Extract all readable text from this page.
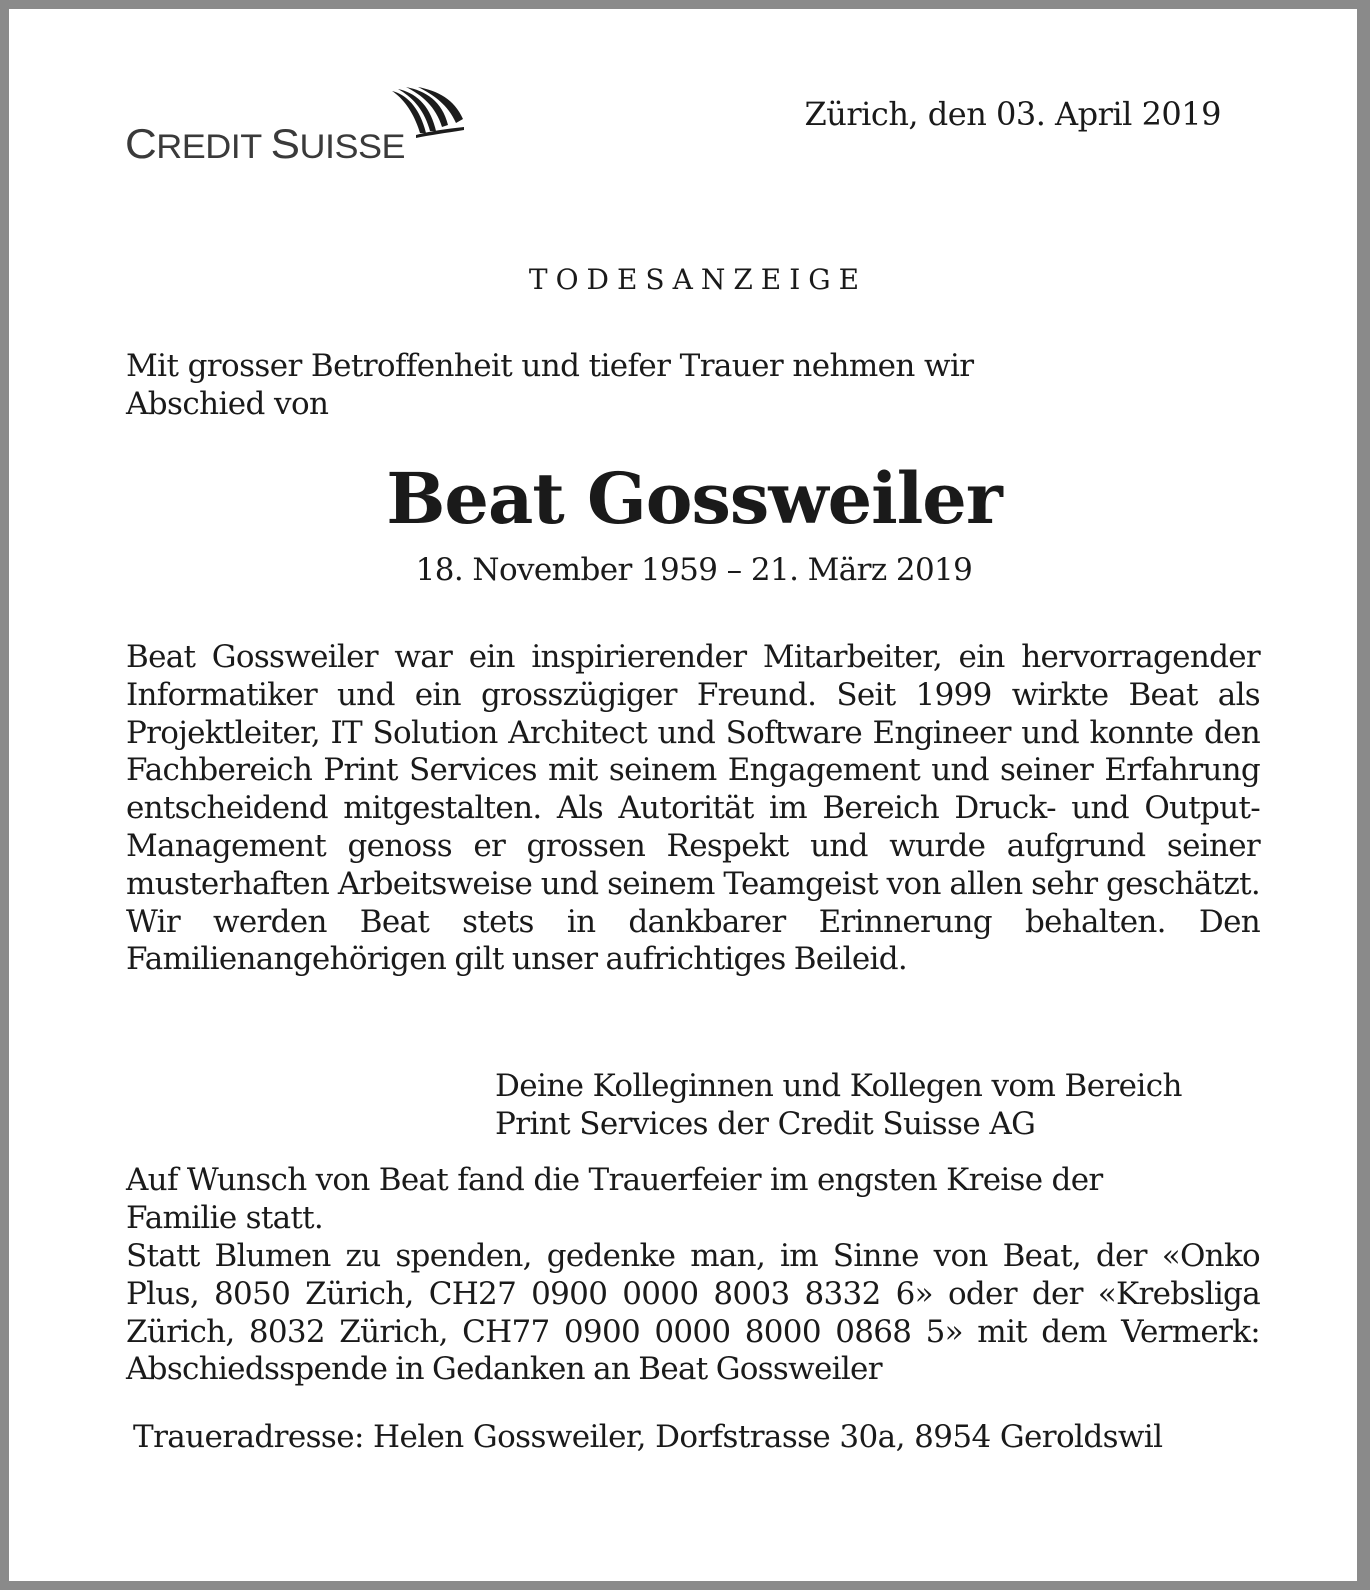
CREDIT SUISSE
Zürich, den 03. April 2019
TODESANZEIGE
Mit grosser Betroffenheit und tiefer Trauer nehmen wir Abschied von
Beat Gossweiler
18. November 1959 – 21. März 2019
Beat Gossweiler war ein inspirierender Mitarbeiter, ein hervorragender Informatiker und ein grosszügiger Freund. Seit 1999 wirkte Beat als Projektleiter, IT Solution Architect und Software Engineer und konnte den Fachbereich Print Services mit seinem Engagement und seiner Erfahrung entscheidend mitgestalten. Als Autorität im Bereich Druck- und Output-Management genoss er grossen Respekt und wurde aufgrund seiner musterhaften Arbeitsweise und seinem Teamgeist von allen sehr geschätzt. Wir werden Beat stets in dankbarer Erinnerung behalten. Den Familienangehörigen gilt unser aufrichtiges Beileid.
Deine Kolleginnen und Kollegen vom Bereich
Print Services der Credit Suisse AG
Auf Wunsch von Beat fand die Trauerfeier im engsten Kreise der Familie statt.
Statt Blumen zu spenden, gedenke man, im Sinne von Beat, der «Onko Plus, 8050 Zürich, CH27 0900 0000 8003 8332 6» oder der «Krebsliga Zürich, 8032 Zürich, CH77 0900 0000 8000 0868 5» mit dem Vermerk: Abschiedsspende in Gedanken an Beat Gossweiler
Traueradresse: Helen Gossweiler, Dorfstrasse 30a, 8954 Geroldswil
